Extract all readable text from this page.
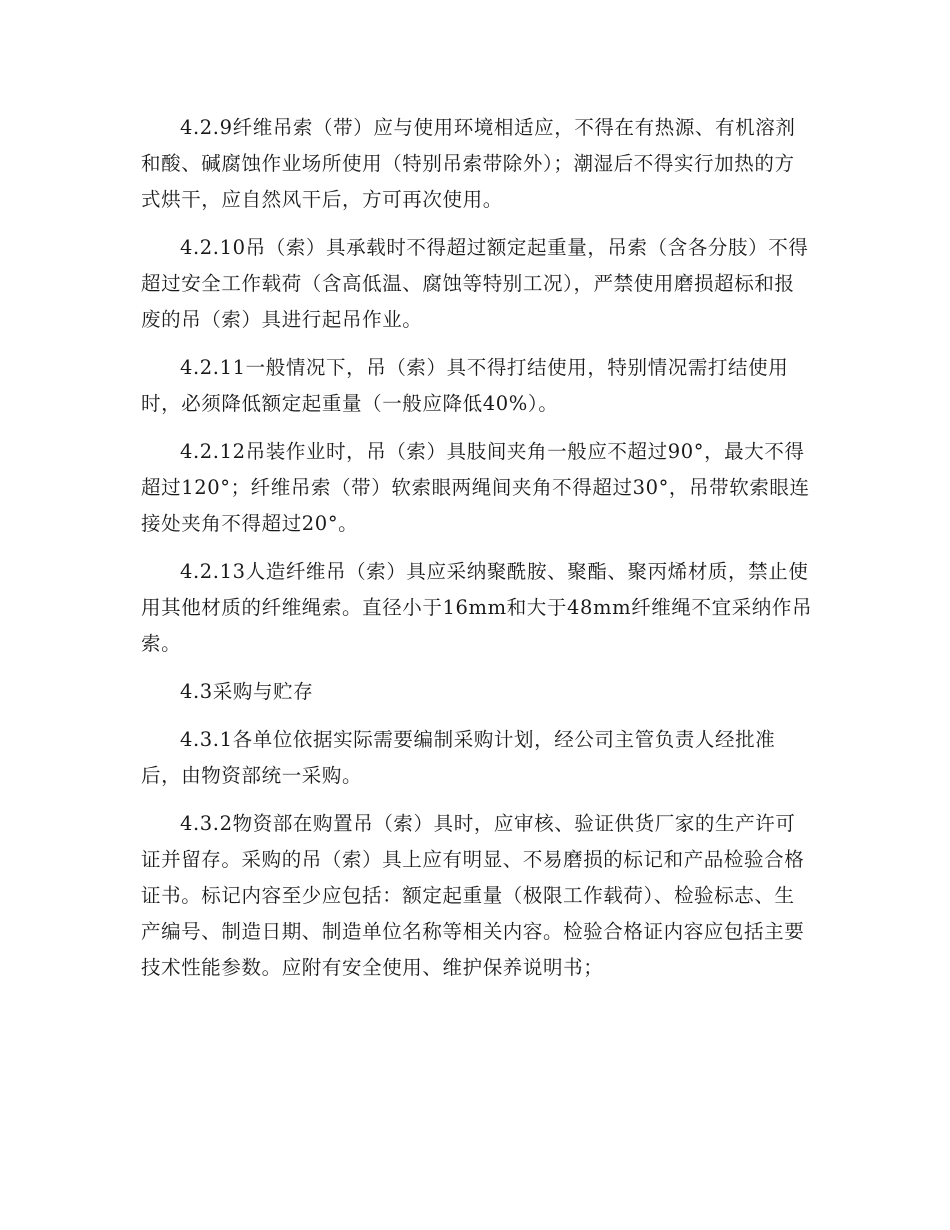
4.2.9纤维吊索（带）应与使用环境相适应，不得在有热源、有机溶剂和酸、碱腐蚀作业场所使用（特别吊索带除外）；潮湿后不得实行加热的方式烘干，应自然风干后，方可再次使用。

4.2.10吊（索）具承载时不得超过额定起重量，吊索（含各分肢）不得超过安全工作载荷（含高低温、腐蚀等特别工况），严禁使用磨损超标和报废的吊（索）具进行起吊作业。

4.2.11一般情况下，吊（索）具不得打结使用，特别情况需打结使用时，必须降低额定起重量（一般应降低40%）。

4.2.12吊装作业时，吊（索）具肢间夹角一般应不超过90°，最大不得超过120°；纤维吊索（带）软索眼两绳间夹角不得超过30°，吊带软索眼连接处夹角不得超过20°。

4.2.13人造纤维吊（索）具应采纳聚酰胺、聚酯、聚丙烯材质，禁止使用其他材质的纤维绳索。直径小于16mm和大于48mm纤维绳不宜采纳作吊索。

4.3采购与贮存

4.3.1各单位依据实际需要编制采购计划，经公司主管负责人经批准后，由物资部统一采购。

4.3.2物资部在购置吊（索）具时，应审核、验证供货厂家的生产许可证并留存。采购的吊（索）具上应有明显、不易磨损的标记和产品检验合格证书。标记内容至少应包括：额定起重量（极限工作载荷）、检验标志、生产编号、制造日期、制造单位名称等相关内容。检验合格证内容应包括主要技术性能参数。应附有安全使用、维护保养说明书；
